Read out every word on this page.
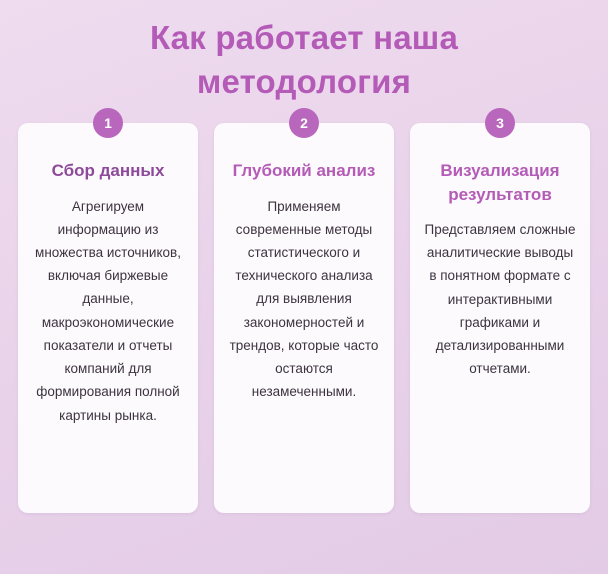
Как работает наша методология
1
Сбор данных

Агрегируем информацию из множества источников, включая биржевые данные, макроэкономические показатели и отчеты компаний для формирования полной картины рынка.

2
Глубокий анализ

Применяем современные методы статистического и технического анализа для выявления закономерностей и трендов, которые часто остаются незамеченными.

3
Визуализация результатов

Представляем сложные аналитические выводы в понятном формате с интерактивными графиками и детализированными отчетами.
